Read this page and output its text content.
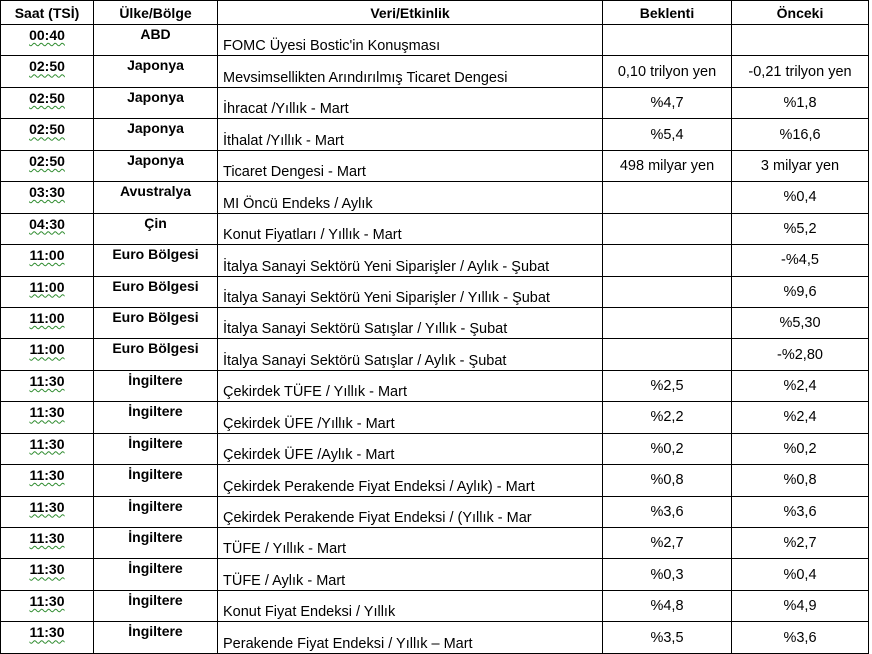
Saat (TSİ)	Ülke/Bölge	Veri/Etkinlik	Beklenti	Önceki
00:40	ABD	FOMC Üyesi Bostic'in Konuşması		
02:50	Japonya	Mevsimsellikten Arındırılmış Ticaret Dengesi	0,10 trilyon yen	-0,21 trilyon yen
02:50	Japonya	İhracat /Yıllık - Mart	%4,7	%1,8
02:50	Japonya	İthalat /Yıllık - Mart	%5,4	%16,6
02:50	Japonya	Ticaret Dengesi - Mart	498 milyar yen	3 milyar yen
03:30	Avustralya	MI Öncü Endeks / Aylık		%0,4
04:30	Çin	Konut Fiyatları / Yıllık - Mart		%5,2
11:00	Euro Bölgesi	İtalya Sanayi Sektörü Yeni Siparişler / Aylık - Şubat		-%4,5
11:00	Euro Bölgesi	İtalya Sanayi Sektörü Yeni Siparişler / Yıllık - Şubat		%9,6
11:00	Euro Bölgesi	İtalya Sanayi Sektörü Satışlar / Yıllık - Şubat		%5,30
11:00	Euro Bölgesi	İtalya Sanayi Sektörü Satışlar / Aylık - Şubat		-%2,80
11:30	İngiltere	Çekirdek TÜFE / Yıllık - Mart	%2,5	%2,4
11:30	İngiltere	Çekirdek ÜFE /Yıllık - Mart	%2,2	%2,4
11:30	İngiltere	Çekirdek ÜFE /Aylık - Mart	%0,2	%0,2
11:30	İngiltere	Çekirdek Perakende Fiyat Endeksi / Aylık) - Mart	%0,8	%0,8
11:30	İngiltere	Çekirdek Perakende Fiyat Endeksi / (Yıllık - Mar	%3,6	%3,6
11:30	İngiltere	TÜFE / Yıllık - Mart	%2,7	%2,7
11:30	İngiltere	TÜFE / Aylık - Mart	%0,3	%0,4
11:30	İngiltere	Konut Fiyat Endeksi / Yıllık	%4,8	%4,9
11:30	İngiltere	Perakende Fiyat Endeksi / Yıllık – Mart	%3,5	%3,6
